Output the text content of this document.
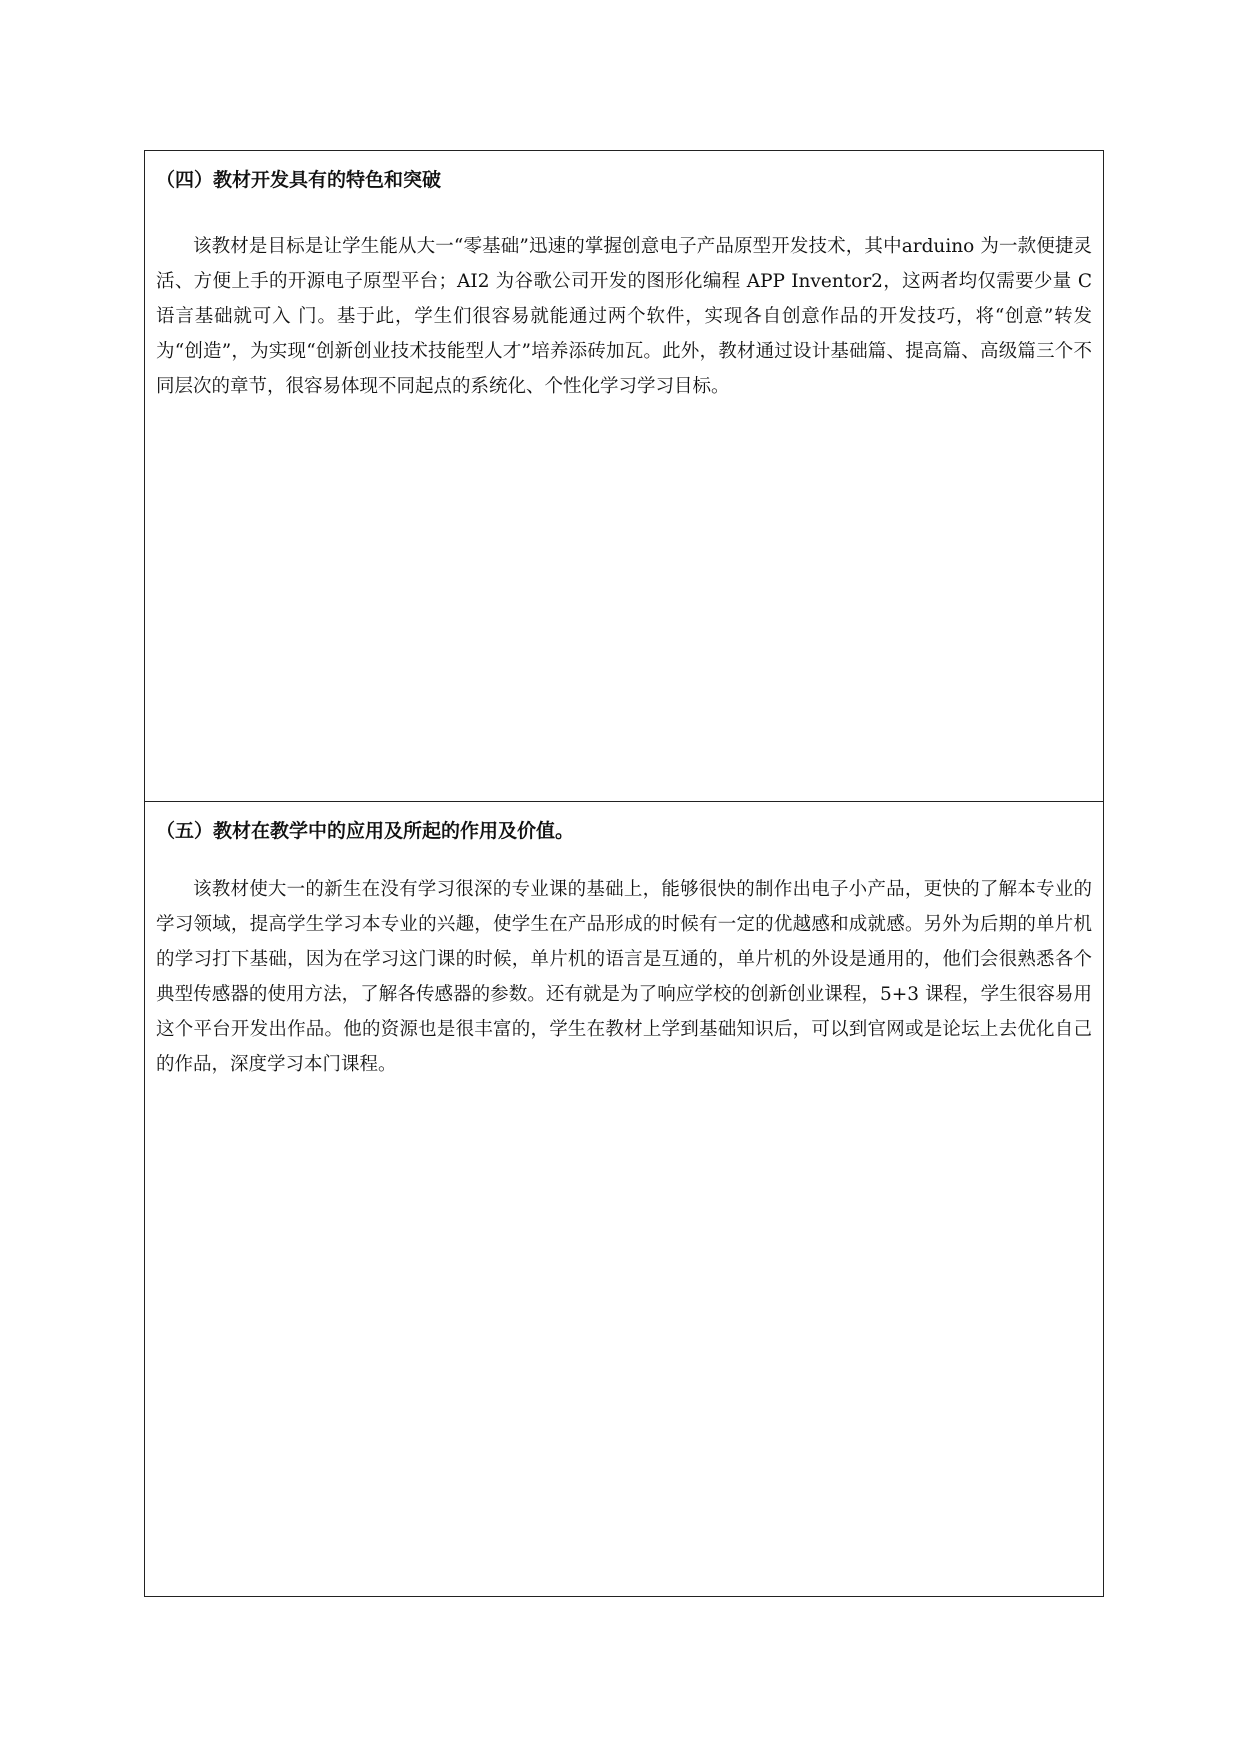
（四）教材开发具有的特色和突破

该教材是目标是让学生能从大一“零基础”迅速的掌握创意电子产品原型开发技术，其中arduino 为一款便捷灵活、方便上手的开源电子原型平台；AI2 为谷歌公司开发的图形化编程 APP Inventor2，这两者均仅需要少量 C 语言基础就可入 门。基于此，学生们很容易就能通过两个软件，实现各自创意作品的开发技巧，将“创意”转发为“创造”，为实现“创新创业技术技能型人才”培养添砖加瓦。此外，教材通过设计基础篇、提高篇、高级篇三个不同层次的章节，很容易体现不同起点的系统化、个性化学习学习目标。

（五）教材在教学中的应用及所起的作用及价值。

该教材使大一的新生在没有学习很深的专业课的基础上，能够很快的制作出电子小产品，更快的了解本专业的学习领域，提高学生学习本专业的兴趣，使学生在产品形成的时候有一定的优越感和成就感。另外为后期的单片机的学习打下基础，因为在学习这门课的时候，单片机的语言是互通的，单片机的外设是通用的，他们会很熟悉各个典型传感器的使用方法，了解各传感器的参数。还有就是为了响应学校的创新创业课程，5+3 课程，学生很容易用这个平台开发出作品。他的资源也是很丰富的，学生在教材上学到基础知识后，可以到官网或是论坛上去优化自己的作品，深度学习本门课程。
